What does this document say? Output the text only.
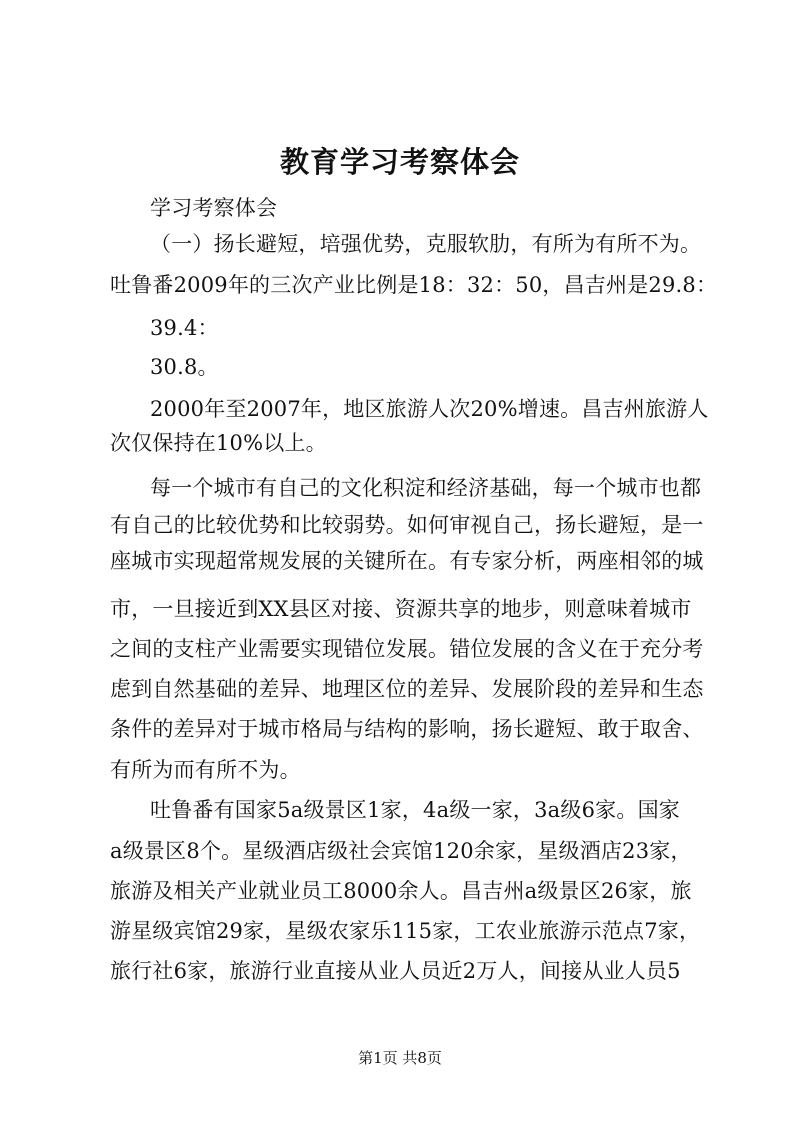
教育学习考察体会
学习考察体会
（一）扬长避短，培强优势，克服软肋，有所为有所不为。
吐鲁番2009年的三次产业比例是18：32：50，昌吉州是29.8：
39.4：
30.8。
2000年至2007年，地区旅游人次20%增速。昌吉州旅游人
次仅保持在10%以上。
每一个城市有自己的文化积淀和经济基础，每一个城市也都
有自己的比较优势和比较弱势。如何审视自己，扬长避短，是一
座城市实现超常规发展的关键所在。有专家分析，两座相邻的城
市，一旦接近到XX县区对接、资源共享的地步，则意味着城市
之间的支柱产业需要实现错位发展。错位发展的含义在于充分考
虑到自然基础的差异、地理区位的差异、发展阶段的差异和生态
条件的差异对于城市格局与结构的影响，扬长避短、敢于取舍、
有所为而有所不为。
吐鲁番有国家5a级景区1家，4a级一家，3a级6家。国家
a级景区8个。星级酒店级社会宾馆120余家，星级酒店23家，
旅游及相关产业就业员工8000余人。昌吉州a级景区26家，旅
游星级宾馆29家，星级农家乐115家，工农业旅游示范点7家，
旅行社6家，旅游行业直接从业人员近2万人，间接从业人员5
第1页 共8页
